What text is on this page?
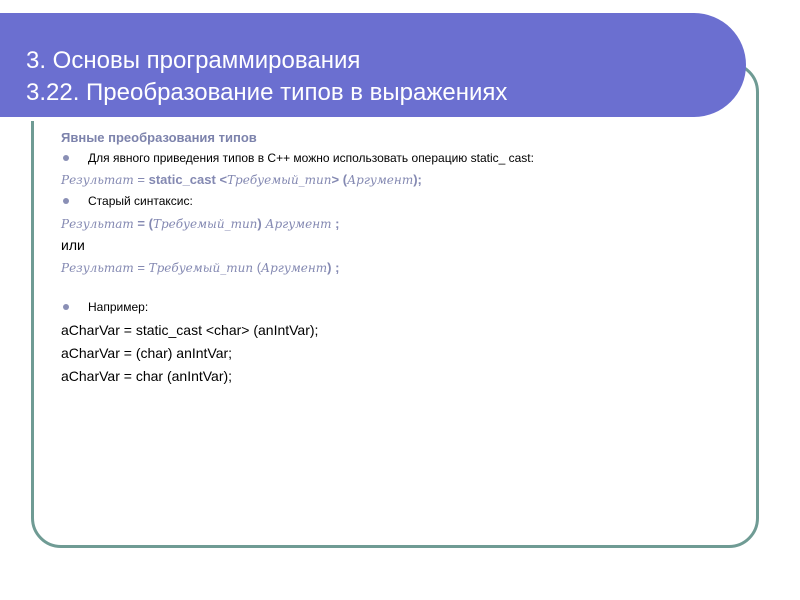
3. Основы программирования
3.22. Преобразование типов в выражениях
Явные преобразования типов
Для явного приведения типов в С++ можно использовать операцию static_ cast:
Результат = static_cast <Требуемый_тип> (Аргумент);
Старый синтаксис:
Результат = (Требуемый_тип) Аргумент ;
или
Результат = Требуемый_тип (Аргумент) ;
Например:
aCharVar = static_cast <char> (anIntVar);
aCharVar = (char) anIntVar;
aCharVar = char (anIntVar);
